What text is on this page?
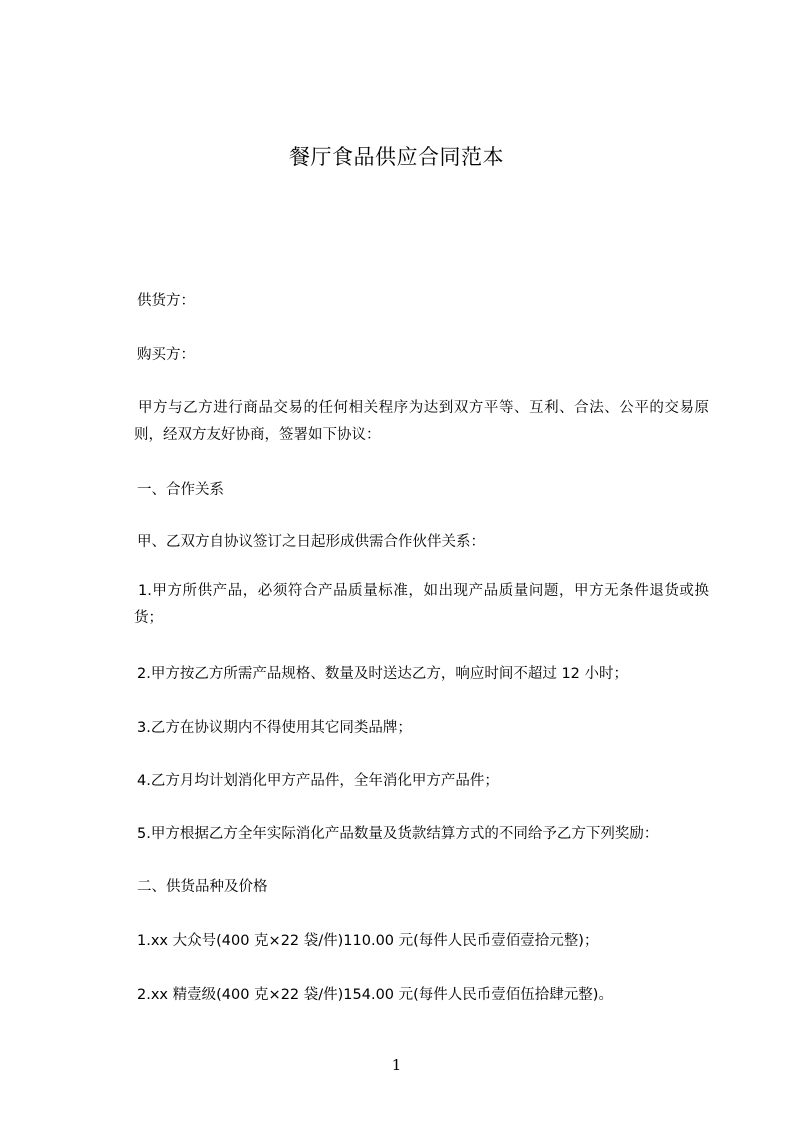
餐厅食品供应合同范本
供货方：
购买方：
甲方与乙方进行商品交易的任何相关程序为达到双方平等、互利、合法、公平的交易原则，经双方友好协商，签署如下协议：
一、合作关系
甲、乙双方自协议签订之日起形成供需合作伙伴关系：
1.甲方所供产品，必须符合产品质量标准，如出现产品质量问题，甲方无条件退货或换货；
2.甲方按乙方所需产品规格、数量及时送达乙方，响应时间不超过 12 小时；
3.乙方在协议期内不得使用其它同类品牌；
4.乙方月均计划消化甲方产品件，全年消化甲方产品件；
5.甲方根据乙方全年实际消化产品数量及货款结算方式的不同给予乙方下列奖励：
二、供货品种及价格
1.xx 大众号(400 克×22 袋/件)110.00 元(每件人民币壹佰壹拾元整)；
2.xx 精壹级(400 克×22 袋/件)154.00 元(每件人民币壹佰伍拾肆元整)。
1
